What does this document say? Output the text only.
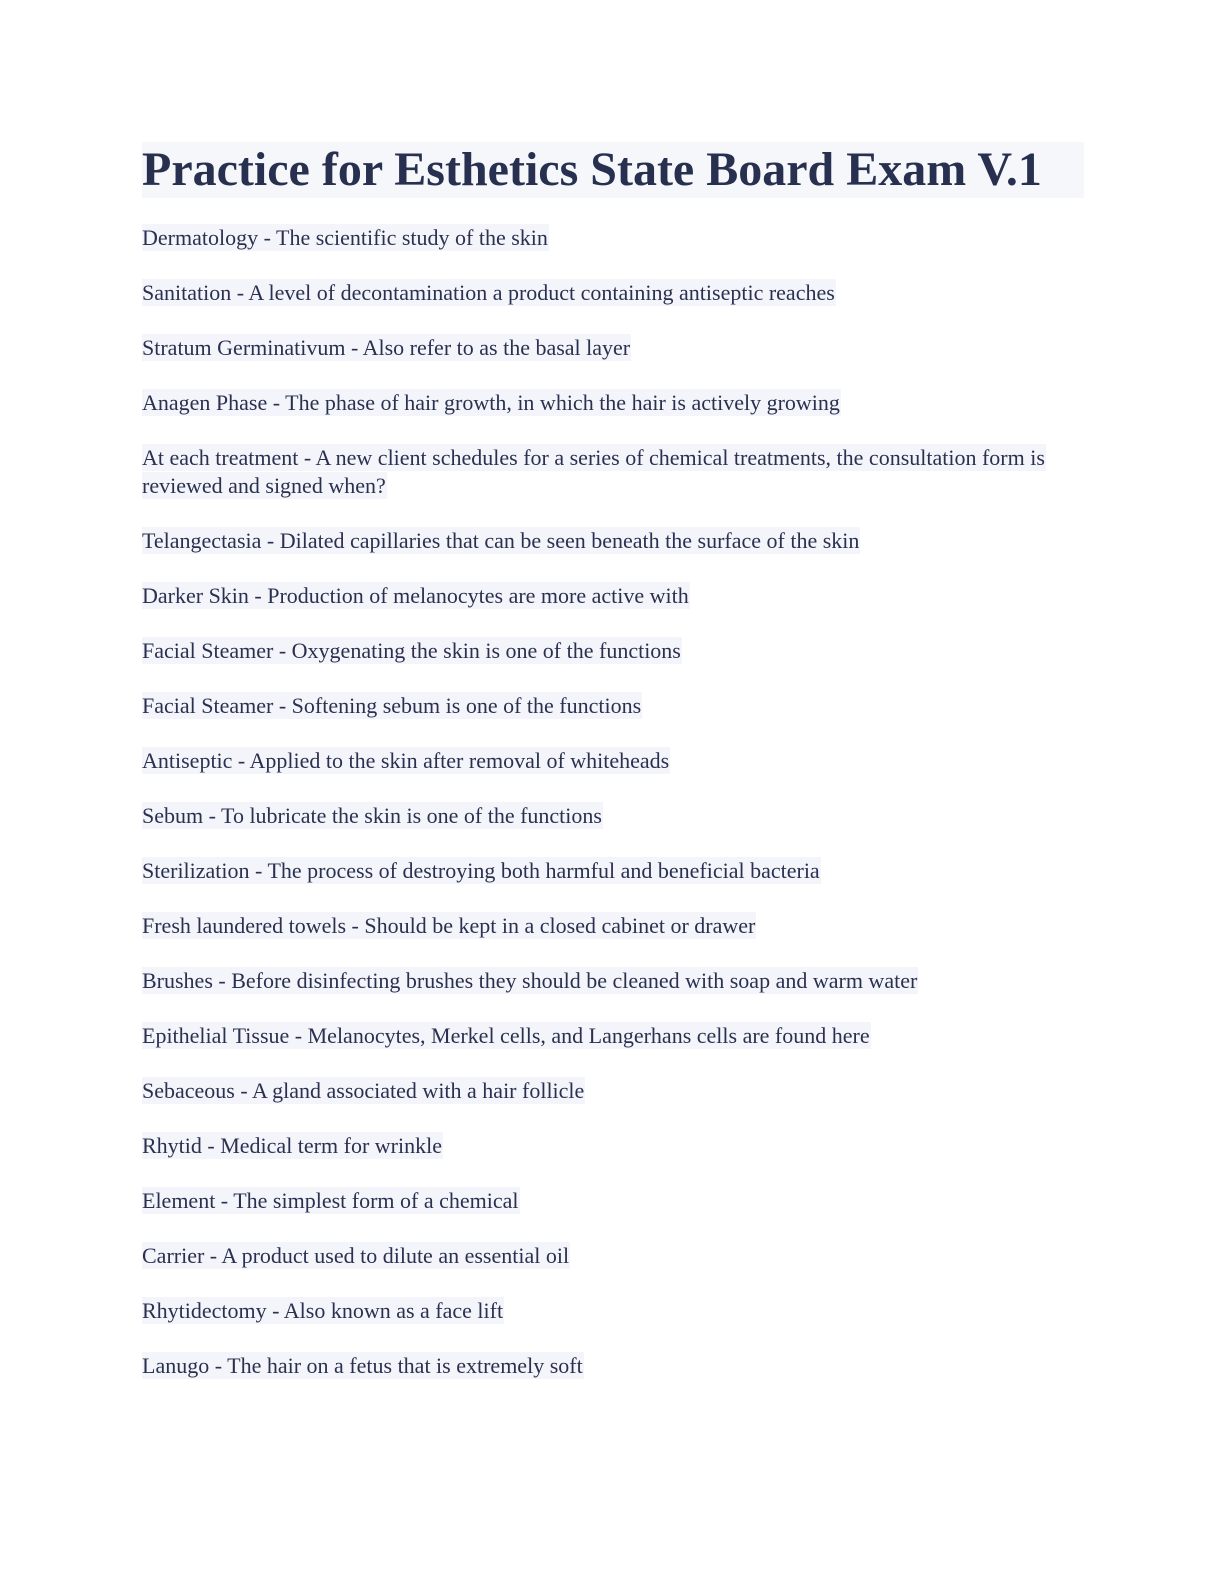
Practice for Esthetics State Board Exam V.1
Dermatology - The scientific study of the skin
Sanitation - A level of decontamination a product containing antiseptic reaches
Stratum Germinativum - Also refer to as the basal layer
Anagen Phase - The phase of hair growth, in which the hair is actively growing
At each treatment - A new client schedules for a series of chemical treatments, the consultation form is reviewed and signed when?
Telangectasia - Dilated capillaries that can be seen beneath the surface of the skin
Darker Skin - Production of melanocytes are more active with
Facial Steamer - Oxygenating the skin is one of the functions
Facial Steamer - Softening sebum is one of the functions
Antiseptic - Applied to the skin after removal of whiteheads
Sebum - To lubricate the skin is one of the functions
Sterilization - The process of destroying both harmful and beneficial bacteria
Fresh laundered towels - Should be kept in a closed cabinet or drawer
Brushes - Before disinfecting brushes they should be cleaned with soap and warm water
Epithelial Tissue - Melanocytes, Merkel cells, and Langerhans cells are found here
Sebaceous - A gland associated with a hair follicle
Rhytid - Medical term for wrinkle
Element - The simplest form of a chemical
Carrier - A product used to dilute an essential oil
Rhytidectomy - Also known as a face lift
Lanugo - The hair on a fetus that is extremely soft
